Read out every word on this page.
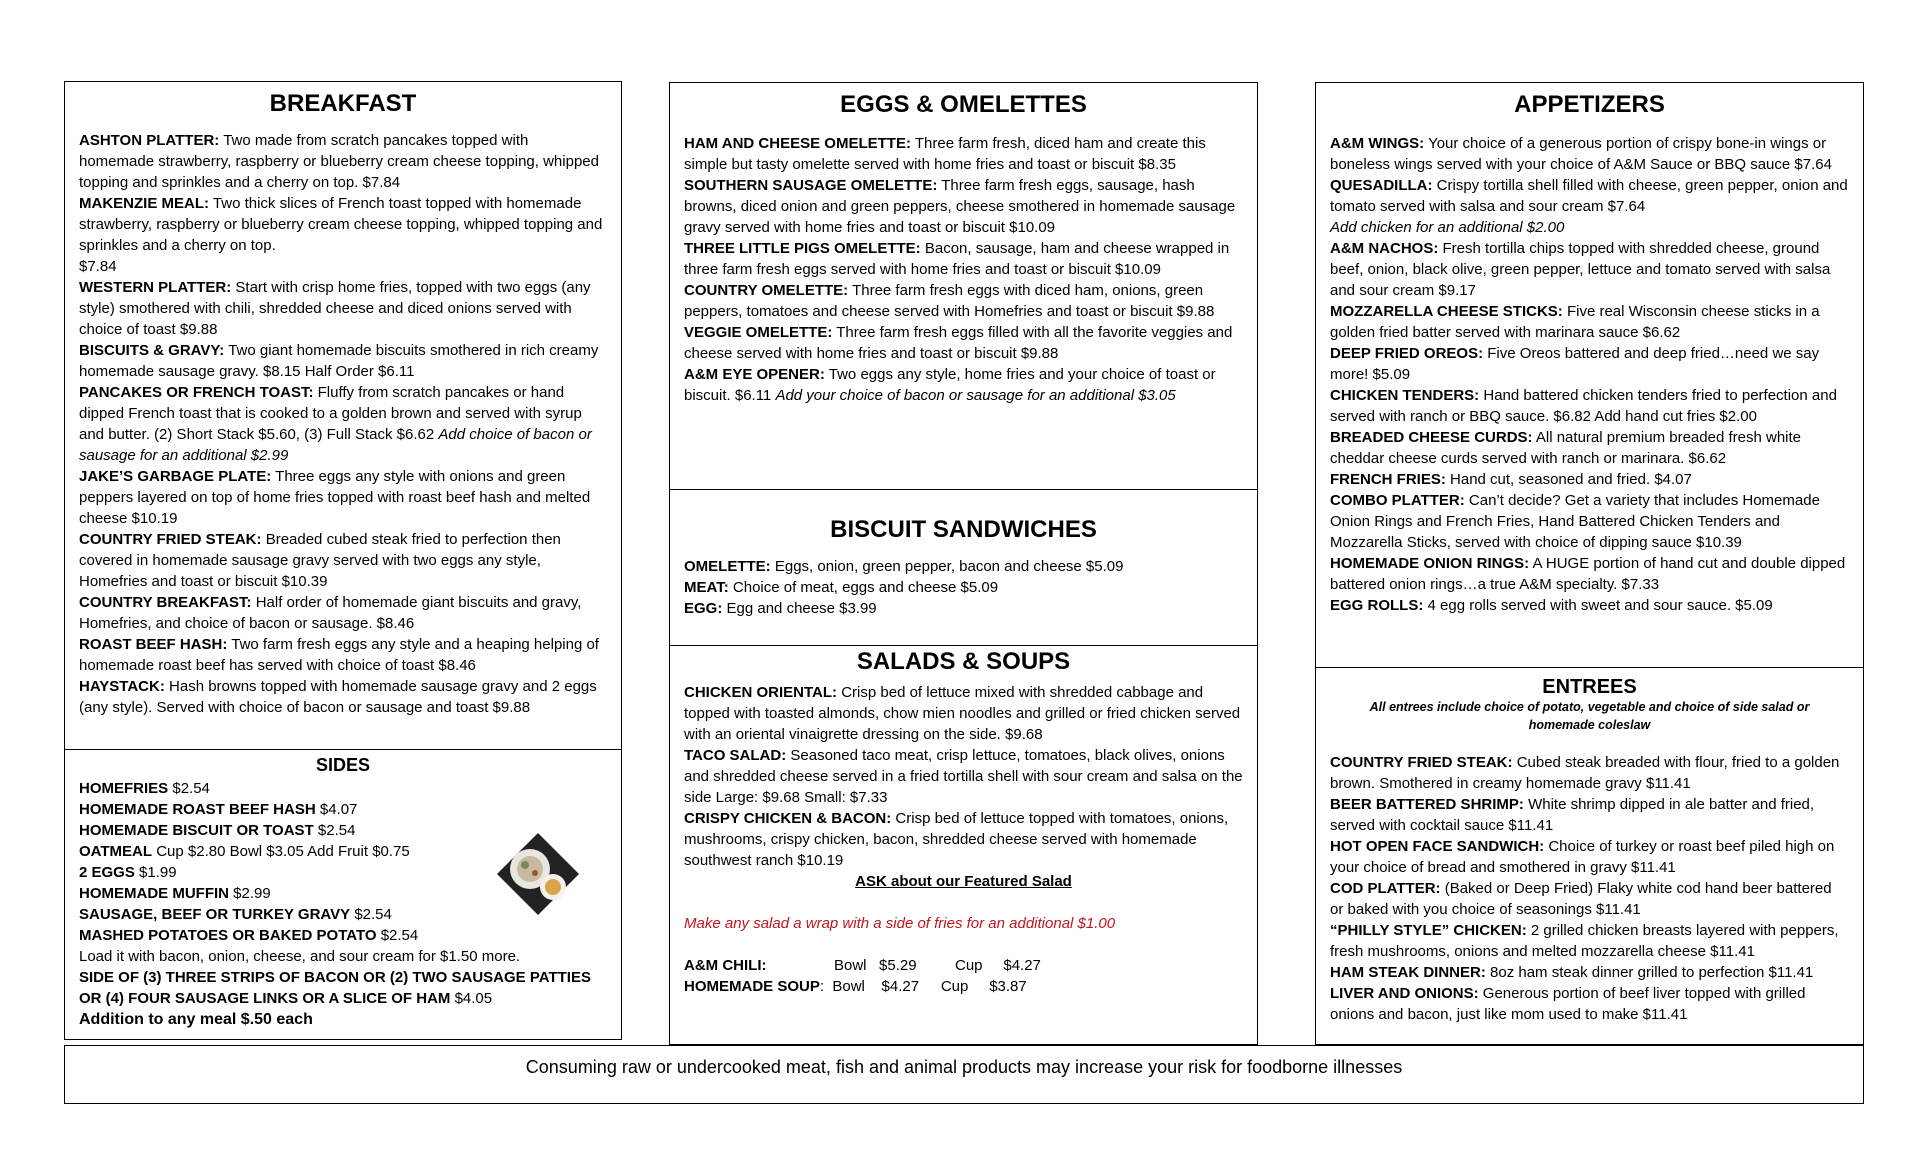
BREAKFAST

ASHTON PLATTER: Two made from scratch pancakes topped with homemade strawberry, raspberry or blueberry cream cheese topping, whipped topping and sprinkles and a cherry on top. $7.84

MAKENZIE MEAL: Two thick slices of French toast topped with homemade strawberry, raspberry or blueberry cream cheese topping, whipped topping and sprinkles and a cherry on top.

$7.84

WESTERN PLATTER: Start with crisp home fries, topped with two eggs (any style) smothered with chili, shredded cheese and diced onions served with choice of toast $9.88

BISCUITS & GRAVY: Two giant homemade biscuits smothered in rich creamy homemade sausage gravy. $8.15 Half Order $6.11

PANCAKES OR FRENCH TOAST: Fluffy from scratch pancakes or hand dipped French toast that is cooked to a golden brown and served with syrup and butter. (2) Short Stack $5.60, (3) Full Stack $6.62 Add choice of bacon or sausage for an additional $2.99

JAKE’S GARBAGE PLATE: Three eggs any style with onions and green peppers layered on top of home fries topped with roast beef hash and melted cheese $10.19

COUNTRY FRIED STEAK: Breaded cubed steak fried to perfection then covered in homemade sausage gravy served with two eggs any style, Homefries and toast or biscuit $10.39

COUNTRY BREAKFAST: Half order of homemade giant biscuits and gravy, Homefries, and choice of bacon or sausage. $8.46

ROAST BEEF HASH: Two farm fresh eggs any style and a heaping helping of homemade roast beef has served with choice of toast $8.46

HAYSTACK: Hash browns topped with homemade sausage gravy and 2 eggs (any style). Served with choice of bacon or sausage and toast $9.88

SIDES

HOMEFRIES $2.54

HOMEMADE ROAST BEEF HASH $4.07

HOMEMADE BISCUIT OR TOAST $2.54

OATMEAL Cup $2.80 Bowl $3.05 Add Fruit $0.75

2 EGGS $1.99

HOMEMADE MUFFIN $2.99

SAUSAGE, BEEF OR TURKEY GRAVY $2.54

MASHED POTATOES OR BAKED POTATO $2.54

Load it with bacon, onion, cheese, and sour cream for $1.50 more.

SIDE OF (3) THREE STRIPS OF BACON OR (2) TWO SAUSAGE PATTIES OR (4) FOUR SAUSAGE LINKS OR A SLICE OF HAM $4.05

Addition to any meal $.50 each
EGGS & OMELETTES

HAM AND CHEESE OMELETTE: Three farm fresh, diced ham and create this simple but tasty omelette served with home fries and toast or biscuit $8.35

SOUTHERN SAUSAGE OMELETTE: Three farm fresh eggs, sausage, hash browns, diced onion and green peppers, cheese smothered in homemade sausage gravy served with home fries and toast or biscuit $10.09

THREE LITTLE PIGS OMELETTE: Bacon, sausage, ham and cheese wrapped in three farm fresh eggs served with home fries and toast or biscuit $10.09

COUNTRY OMELETTE: Three farm fresh eggs with diced ham, onions, green peppers, tomatoes and cheese served with Homefries and toast or biscuit $9.88

VEGGIE OMELETTE: Three farm fresh eggs filled with all the favorite veggies and cheese served with home fries and toast or biscuit $9.88

A&M EYE OPENER: Two eggs any style, home fries and your choice of toast or biscuit. $6.11 Add your choice of bacon or sausage for an additional $3.05

BISCUIT SANDWICHES

OMELETTE: Eggs, onion, green pepper, bacon and cheese $5.09

MEAT: Choice of meat, eggs and cheese $5.09

EGG: Egg and cheese $3.99

SALADS & SOUPS

CHICKEN ORIENTAL: Crisp bed of lettuce mixed with shredded cabbage and topped with toasted almonds, chow mien noodles and grilled or fried chicken served with an oriental vinaigrette dressing on the side. $9.68

TACO SALAD: Seasoned taco meat, crisp lettuce, tomatoes, black olives, onions and shredded cheese served in a fried tortilla shell with sour cream and salsa on the side Large: $9.68 Small: $7.33

CRISPY CHICKEN & BACON: Crisp bed of lettuce topped with tomatoes, onions, mushrooms, crispy chicken, bacon, shredded cheese served with homemade southwest ranch $10.19

ASK about our Featured Salad
Make any salad a wrap with a side of fries for an additional $1.00
A&M CHILI:	Bowl   $5.29	Cup     $4.27
HOMEMADE SOUP :  Bowl    $4.27	Cup     $3.87
APPETIZERS

A&M WINGS: Your choice of a generous portion of crispy bone-in wings or boneless wings served with your choice of A&M Sauce or BBQ sauce $7.64

QUESADILLA: Crispy tortilla shell filled with cheese, green pepper, onion and tomato served with salsa and sour cream $7.64

Add chicken for an additional $2.00

A&M NACHOS: Fresh tortilla chips topped with shredded cheese, ground beef, onion, black olive, green pepper, lettuce and tomato served with salsa and sour cream $9.17

MOZZARELLA CHEESE STICKS: Five real Wisconsin cheese sticks in a golden fried batter served with marinara sauce $6.62

DEEP FRIED OREOS: Five Oreos battered and deep fried…need we say more! $5.09

CHICKEN TENDERS: Hand battered chicken tenders fried to perfection and served with ranch or BBQ sauce. $6.82 Add hand cut fries $2.00

BREADED CHEESE CURDS: All natural premium breaded fresh white cheddar cheese curds served with ranch or marinara. $6.62

FRENCH FRIES: Hand cut, seasoned and fried. $4.07

COMBO PLATTER: Can’t decide? Get a variety that includes Homemade Onion Rings and French Fries, Hand Battered Chicken Tenders and Mozzarella Sticks, served with choice of dipping sauce $10.39

HOMEMADE ONION RINGS: A HUGE portion of hand cut and double dipped battered onion rings…a true A&M specialty. $7.33

EGG ROLLS: 4 egg rolls served with sweet and sour sauce. $5.09

ENTREES
All entrees include choice of potato, vegetable and choice of side salad or homemade coleslaw

COUNTRY FRIED STEAK: Cubed steak breaded with flour, fried to a golden brown. Smothered in creamy homemade gravy $11.41

BEER BATTERED SHRIMP: White shrimp dipped in ale batter and fried, served with cocktail sauce $11.41

HOT OPEN FACE SANDWICH: Choice of turkey or roast beef piled high on your choice of bread and smothered in gravy $11.41

COD PLATTER: (Baked or Deep Fried) Flaky white cod hand beer battered or baked with you choice of seasonings $11.41

“PHILLY STYLE” CHICKEN: 2 grilled chicken breasts layered with peppers, fresh mushrooms, onions and melted mozzarella cheese $11.41

HAM STEAK DINNER: 8oz ham steak dinner grilled to perfection $11.41

LIVER AND ONIONS: Generous portion of beef liver topped with grilled onions and bacon, just like mom used to make $11.41

Consuming raw or undercooked meat, fish and animal products may increase your risk for foodborne illnesses
